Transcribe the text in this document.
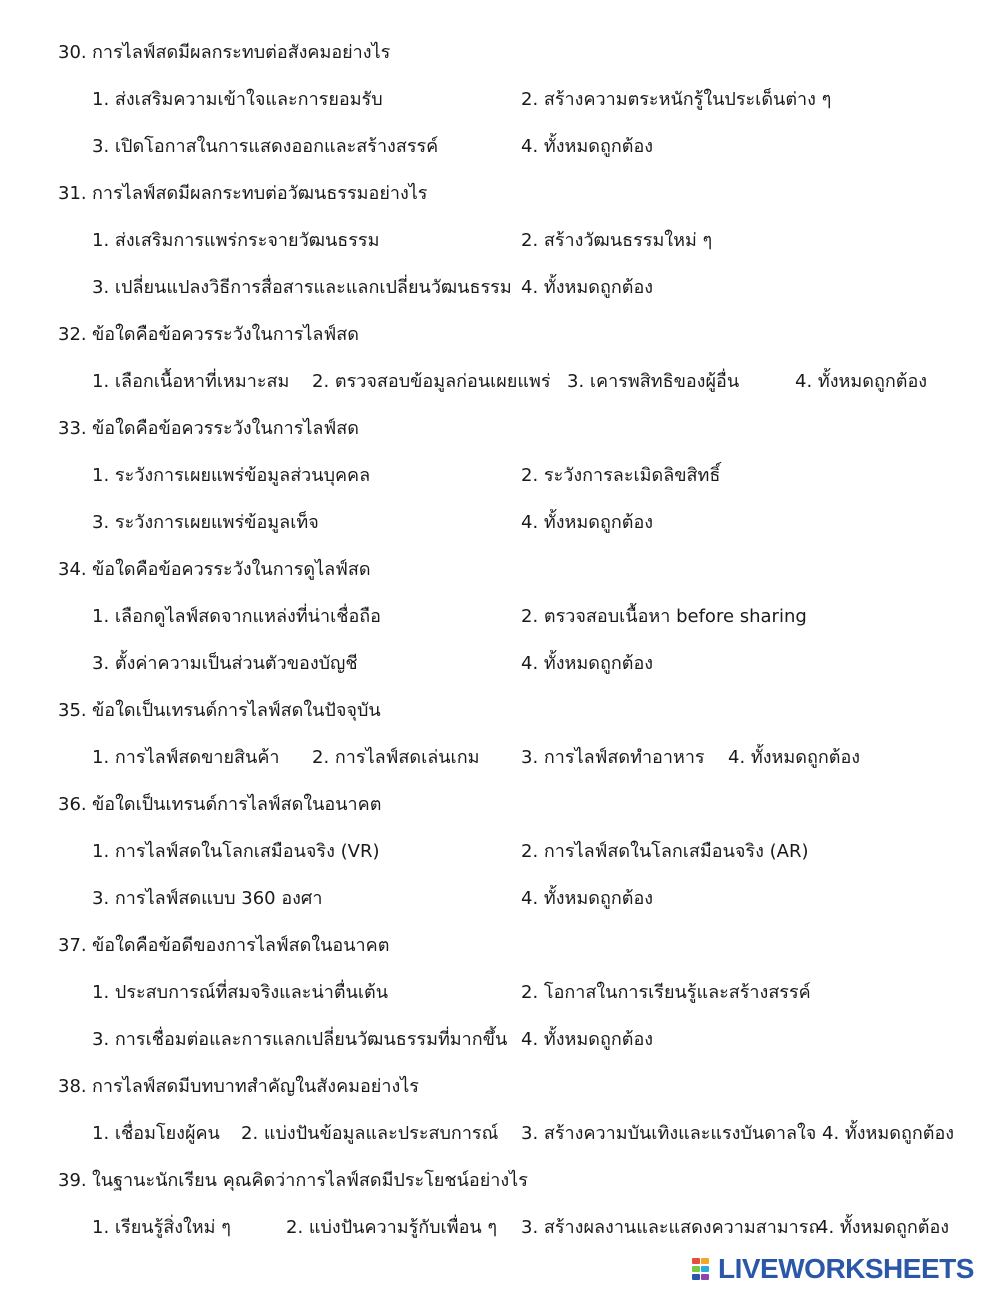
30. การไลฟ์สดมีผลกระทบต่อสังคมอย่างไร
1. ส่งเสริมความเข้าใจและการยอมรับ	2. สร้างความตระหนักรู้ในประเด็นต่าง ๆ
3. เปิดโอกาสในการแสดงออกและสร้างสรรค์	4. ทั้งหมดถูกต้อง
31. การไลฟ์สดมีผลกระทบต่อวัฒนธรรมอย่างไร
1. ส่งเสริมการแพร่กระจายวัฒนธรรม	2. สร้างวัฒนธรรมใหม่ ๆ
3. เปลี่ยนแปลงวิธีการสื่อสารและแลกเปลี่ยนวัฒนธรรม 4. ทั้งหมดถูกต้อง
32. ข้อใดคือข้อควรระวังในการไลฟ์สด
1. เลือกเนื้อหาที่เหมาะสม 2. ตรวจสอบข้อมูลก่อนเผยแพร่ 3. เคารพสิทธิของผู้อื่น	4. ทั้งหมดถูกต้อง
33. ข้อใดคือข้อควรระวังในการไลฟ์สด
1. ระวังการเผยแพร่ข้อมูลส่วนบุคคล	2. ระวังการละเมิดลิขสิทธิ์
3. ระวังการเผยแพร่ข้อมูลเท็จ	4. ทั้งหมดถูกต้อง
34. ข้อใดคือข้อควรระวังในการดูไลฟ์สด
1. เลือกดูไลฟ์สดจากแหล่งที่น่าเชื่อถือ	2. ตรวจสอบเนื้อหา before sharing
3. ตั้งค่าความเป็นส่วนตัวของบัญชี	4. ทั้งหมดถูกต้อง
35. ข้อใดเป็นเทรนด์การไลฟ์สดในปัจจุบัน
1. การไลฟ์สดขายสินค้า 2. การไลฟ์สดเล่นเกม 3. การไลฟ์สดทำอาหาร 4. ทั้งหมดถูกต้อง
36. ข้อใดเป็นเทรนด์การไลฟ์สดในอนาคต
1. การไลฟ์สดในโลกเสมือนจริง (VR)	2. การไลฟ์สดในโลกเสมือนจริง (AR)
3. การไลฟ์สดแบบ 360 องศา	4. ทั้งหมดถูกต้อง
37. ข้อใดคือข้อดีของการไลฟ์สดในอนาคต
1. ประสบการณ์ที่สมจริงและน่าตื่นเต้น	2. โอกาสในการเรียนรู้และสร้างสรรค์
3. การเชื่อมต่อและการแลกเปลี่ยนวัฒนธรรมที่มากขึ้น 4. ทั้งหมดถูกต้อง
38. การไลฟ์สดมีบทบาทสำคัญในสังคมอย่างไร
1. เชื่อมโยงผู้คน 2. แบ่งปันข้อมูลและประสบการณ์ 3. สร้างความบันเทิงและแรงบันดาลใจ 4. ทั้งหมดถูกต้อง
39. ในฐานะนักเรียน คุณคิดว่าการไลฟ์สดมีประโยชน์อย่างไร
1. เรียนรู้สิ่งใหม่ ๆ	2. แบ่งปันความรู้กับเพื่อน ๆ 3. สร้างผลงานและแสดงความสามารถ
4. ทั้งหมดถูกต้อง
LIVEWORKSHEETS
